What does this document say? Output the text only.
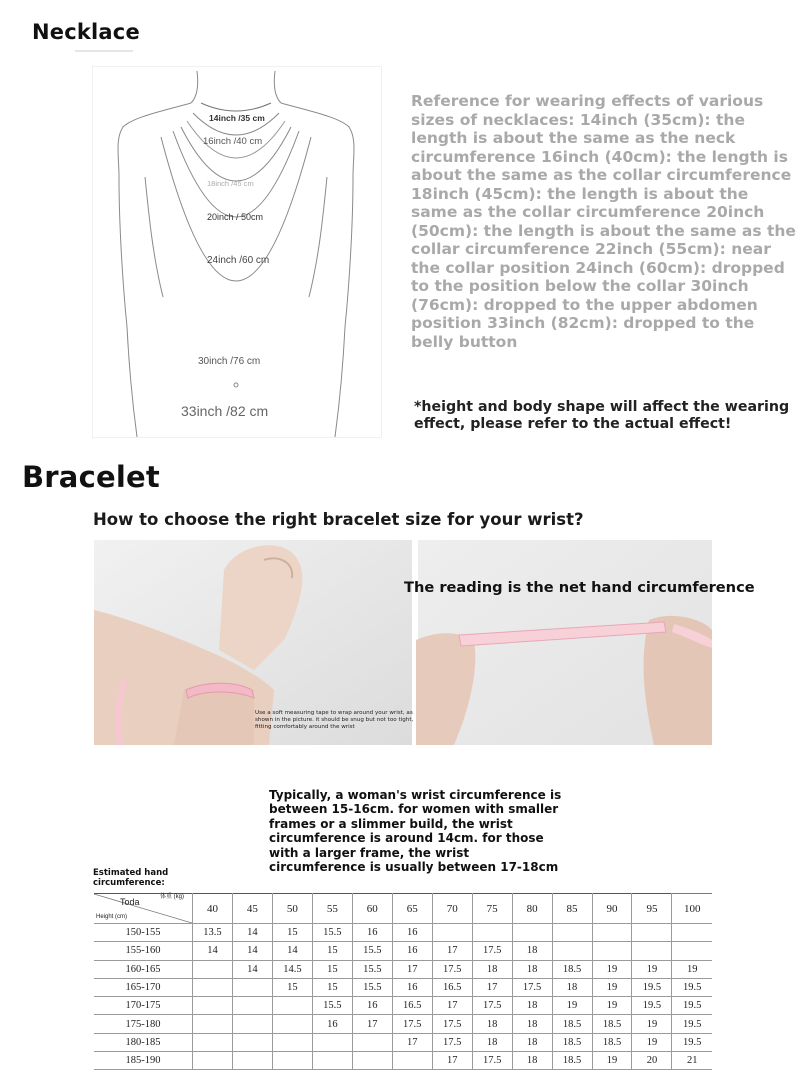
Necklace
14inch /35 cm
16inch /40 cm
18inch /45 cm
20inch / 50cm
24inch /60 cm
30inch /76 cm
33inch /82 cm
Reference for wearing effects of various sizes of necklaces: 14inch (35cm): the length is about the same as the neck circumference 16inch (40cm): the length is about the same as the collar circumference 18inch (45cm): the length is about the same as the collar circumference 20inch (50cm): the length is about the same as the collar circumference 22inch (55cm): near the collar position 24inch (60cm): dropped to the position below the collar 30inch (76cm): dropped to the upper abdomen position 33inch (82cm): dropped to the belly button
*height and body shape will affect the wearing effect, please refer to the actual effect!
Bracelet
How to choose the right bracelet size for your wrist?
The reading is the net hand circumference
Use a soft measuring tape to wrap around your wrist, as shown in the picture. it should be snug but not too tight, fitting comfortably around the wrist
Typically, a woman's wrist circumference is between 15-16cm. for women with smaller frames or a slimmer build, the wrist circumference is around 14cm. for those with a larger frame, the wrist circumference is usually between 17-18cm
Estimated hand circumference:
Toda 体重 (kg)
Height (cm)	40	45	50	55	60	65	70	75	80	85	90	95	100
150-155	13.5	14	15	15.5	16	16							
155-160	14	14	14	15	15.5	16	17	17.5	18				
160-165		14	14.5	15	15.5	17	17.5	18	18	18.5	19	19	19
165-170			15	15	15.5	16	16.5	17	17.5	18	19	19.5	19.5
170-175				15.5	16	16.5	17	17.5	18	19	19	19.5	19.5
175-180				16	17	17.5	17.5	18	18	18.5	18.5	19	19.5
180-185						17	17.5	18	18	18.5	18.5	19	19.5
185-190							17	17.5	18	18.5	19	20	21
